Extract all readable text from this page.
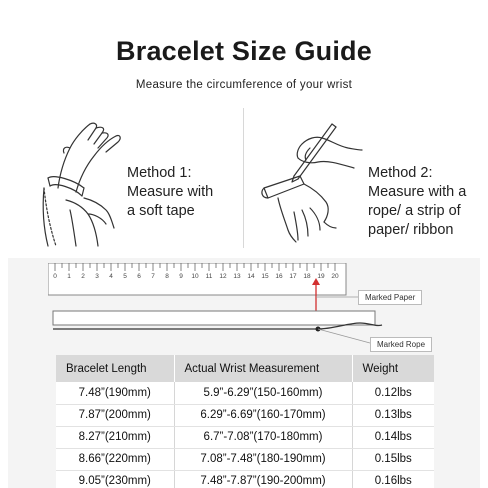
Bracelet Size Guide
Measure the circumference of your wrist
Method 1:
Measure with
a soft tape
Method 2:
Measure with a
rope/ a strip of
paper/ ribbon
0 1 2 3 4 5 6 7 8 9 10 11 12 13 14 15 16 17 18 19 20
Marked Paper
Marked Rope
Bracelet Length	Actual Wrist Measurement	Weight
7.48”(190mm)	5.9”-6.29”(150-160mm)	0.12lbs
7.87”(200mm)	6.29”-6.69”(160-170mm)	0.13lbs
8.27”(210mm)	6.7”-7.08”(170-180mm)	0.14lbs
8.66”(220mm)	7.08”-7.48”(180-190mm)	0.15lbs
9.05”(230mm)	7.48”-7.87”(190-200mm)	0.16lbs
